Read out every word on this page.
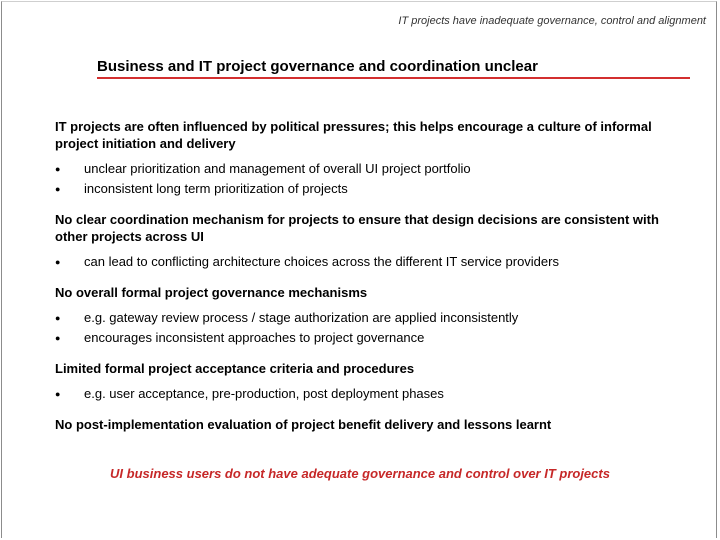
IT projects have inadequate governance, control and alignment
Business and IT project governance and coordination unclear
IT projects are often influenced by political pressures; this helps encourage a culture of informal project initiation and delivery
●	unclear prioritization and management of overall UI project portfolio
●	inconsistent long term prioritization of projects
No clear coordination mechanism for projects to ensure that design decisions are consistent with other projects across UI
●	can lead to conflicting architecture choices across the different IT service providers
No overall formal project governance mechanisms
●	e.g. gateway review process / stage authorization are applied inconsistently
●	encourages inconsistent approaches to project governance
Limited formal project acceptance criteria and procedures
●	e.g. user acceptance, pre-production, post deployment phases
No post-implementation evaluation of project benefit delivery and lessons learnt
UI business users do not have adequate governance and control over IT projects
